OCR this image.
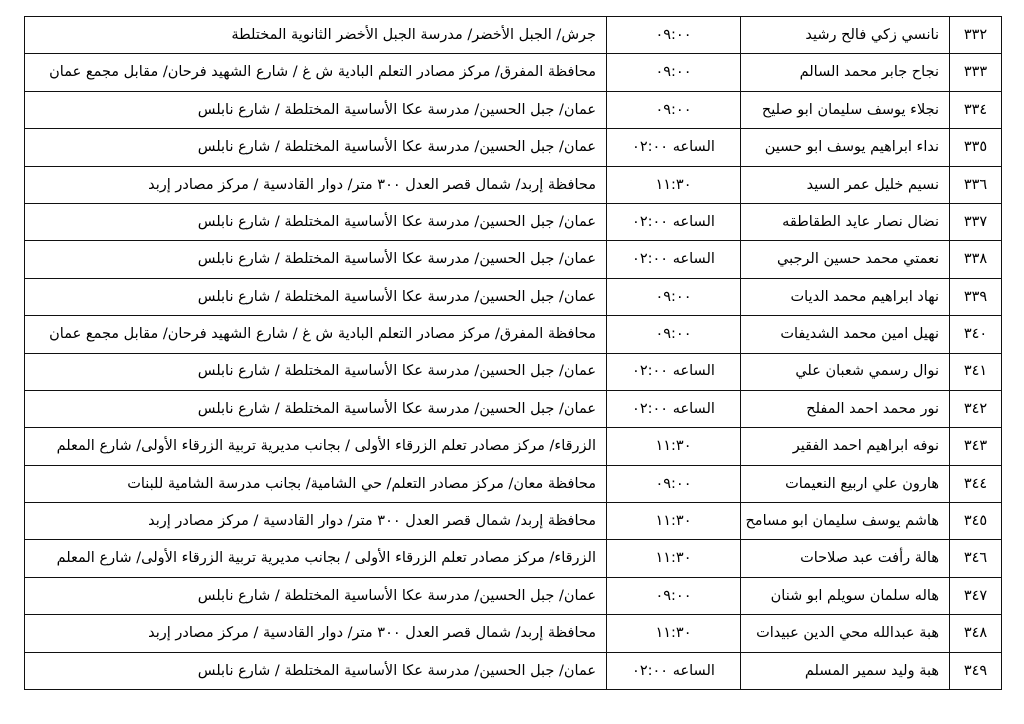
٣٣٢	نانسي زكي فالح رشيد	٠٩:٠٠	جرش/ الجبل الأخضر/ مدرسة الجبل الأخضر الثانوية المختلطة
٣٣٣	نجاح جابر محمد السالم	٠٩:٠٠	محافظة المفرق/ مركز مصادر التعلم البادية ش غ / شارع الشهيد فرحان/ مقابل مجمع عمان
٣٣٤	نجلاء يوسف سليمان ابو صليح	٠٩:٠٠	عمان/ جبل الحسين/ مدرسة عكا الأساسية المختلطة / شارع نابلس
٣٣٥	نداء ابراهيم يوسف ابو حسين	الساعه ٠٢:٠٠	عمان/ جبل الحسين/ مدرسة عكا الأساسية المختلطة / شارع نابلس
٣٣٦	نسيم خليل عمر السيد	١١:٣٠	محافظة إربد/ شمال قصر العدل ٣٠٠ متر/ دوار القادسية / مركز مصادر إربد
٣٣٧	نضال نصار عايد الطقاطقه	الساعه ٠٢:٠٠	عمان/ جبل الحسين/ مدرسة عكا الأساسية المختلطة / شارع نابلس
٣٣٨	نعمتي محمد حسين الرجبي	الساعه ٠٢:٠٠	عمان/ جبل الحسين/ مدرسة عكا الأساسية المختلطة / شارع نابلس
٣٣٩	نهاد ابراهيم محمد الديات	٠٩:٠٠	عمان/ جبل الحسين/ مدرسة عكا الأساسية المختلطة / شارع نابلس
٣٤٠	نهيل امين محمد الشديفات	٠٩:٠٠	محافظة المفرق/ مركز مصادر التعلم البادية ش غ / شارع الشهيد فرحان/ مقابل مجمع عمان
٣٤١	نوال رسمي شعبان علي	الساعه ٠٢:٠٠	عمان/ جبل الحسين/ مدرسة عكا الأساسية المختلطة / شارع نابلس
٣٤٢	نور محمد احمد المفلح	الساعه ٠٢:٠٠	عمان/ جبل الحسين/ مدرسة عكا الأساسية المختلطة / شارع نابلس
٣٤٣	نوفه ابراهيم احمد الفقير	١١:٣٠	الزرقاء/ مركز مصادر تعلم الزرقاء الأولى / بجانب مديرية تربية الزرقاء الأولى/ شارع المعلم
٣٤٤	هارون علي اربيع النعيمات	٠٩:٠٠	محافظة معان/ مركز مصادر التعلم/ حي الشامية/ بجانب مدرسة الشامية للبنات
٣٤٥	هاشم يوسف سليمان ابو مسامح	١١:٣٠	محافظة إربد/ شمال قصر العدل ٣٠٠ متر/ دوار القادسية / مركز مصادر إربد
٣٤٦	هالة رأفت عبد صلاحات	١١:٣٠	الزرقاء/ مركز مصادر تعلم الزرقاء الأولى / بجانب مديرية تربية الزرقاء الأولى/ شارع المعلم
٣٤٧	هاله سلمان سويلم ابو شنان	٠٩:٠٠	عمان/ جبل الحسين/ مدرسة عكا الأساسية المختلطة / شارع نابلس
٣٤٨	هبة عبدالله محي الدين عبيدات	١١:٣٠	محافظة إربد/ شمال قصر العدل ٣٠٠ متر/ دوار القادسية / مركز مصادر إربد
٣٤٩	هبة وليد سمير المسلم	الساعه ٠٢:٠٠	عمان/ جبل الحسين/ مدرسة عكا الأساسية المختلطة / شارع نابلس
